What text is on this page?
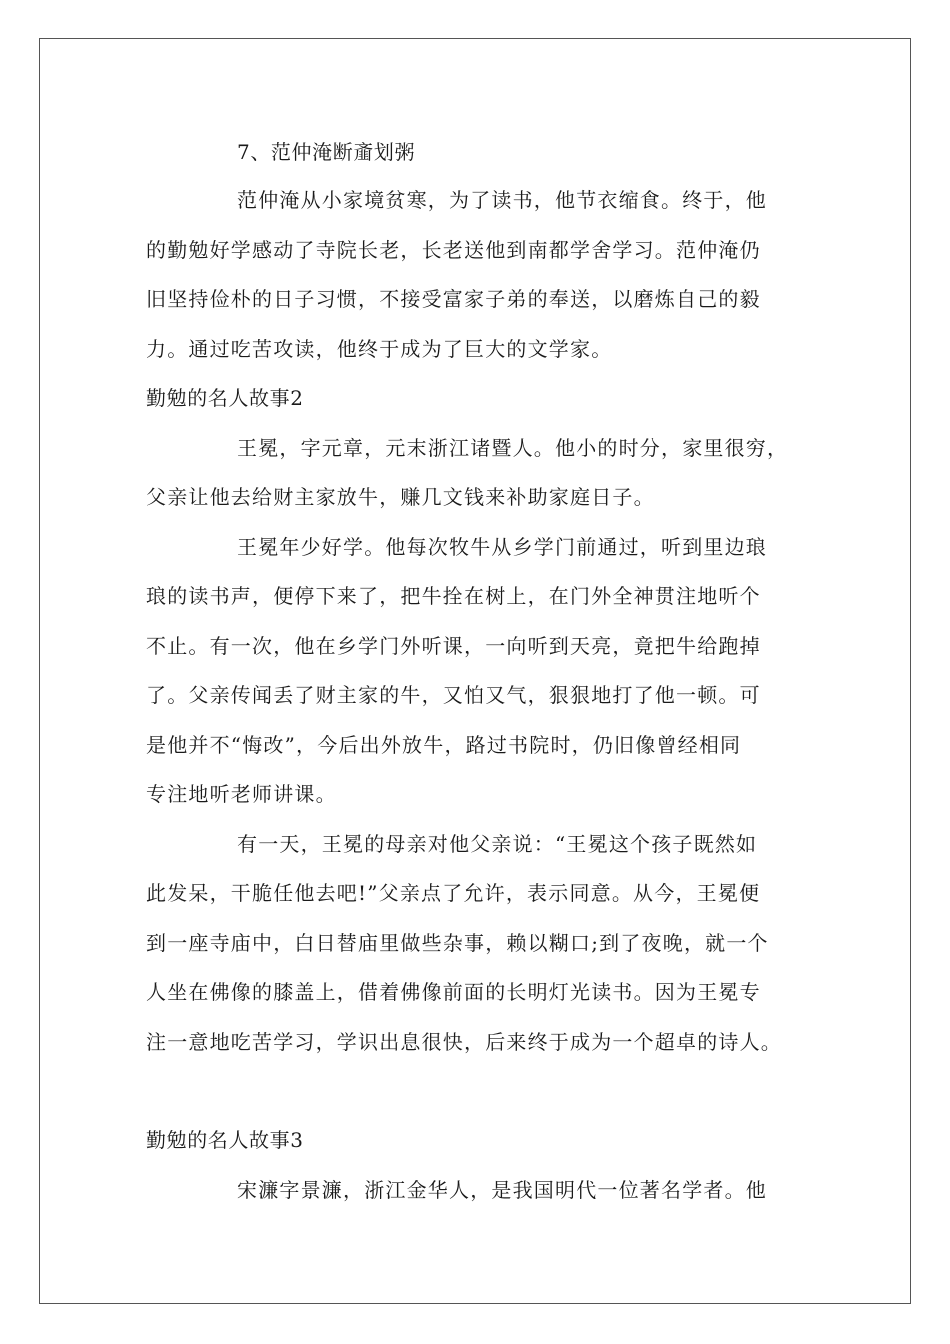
7、范仲淹断齑划粥
范仲淹从小家境贫寒，为了读书，他节衣缩食。终于，他
的勤勉好学感动了寺院长老，长老送他到南都学舍学习。范仲淹仍
旧坚持俭朴的日子习惯，不接受富家子弟的奉送，以磨炼自己的毅
力。通过吃苦攻读，他终于成为了巨大的文学家。
勤勉的名人故事2
王冕，字元章，元末浙江诸暨人。他小的时分，家里很穷，
父亲让他去给财主家放牛，赚几文钱来补助家庭日子。
王冕年少好学。他每次牧牛从乡学门前通过，听到里边琅
琅的读书声，便停下来了，把牛拴在树上，在门外全神贯注地听个
不止。有一次，他在乡学门外听课，一向听到天亮，竟把牛给跑掉
了。父亲传闻丢了财主家的牛，又怕又气，狠狠地打了他一顿。可
是他并不“悔改”，今后出外放牛，路过书院时，仍旧像曾经相同
专注地听老师讲课。
有一天，王冕的母亲对他父亲说：“王冕这个孩子既然如
此发呆，干脆任他去吧!”父亲点了允许，表示同意。从今，王冕便
到一座寺庙中，白日替庙里做些杂事，赖以糊口;到了夜晚，就一个
人坐在佛像的膝盖上，借着佛像前面的长明灯光读书。因为王冕专
注一意地吃苦学习，学识出息很快，后来终于成为一个超卓的诗人。
勤勉的名人故事3
宋濂字景濂，浙江金华人，是我国明代一位著名学者。他
